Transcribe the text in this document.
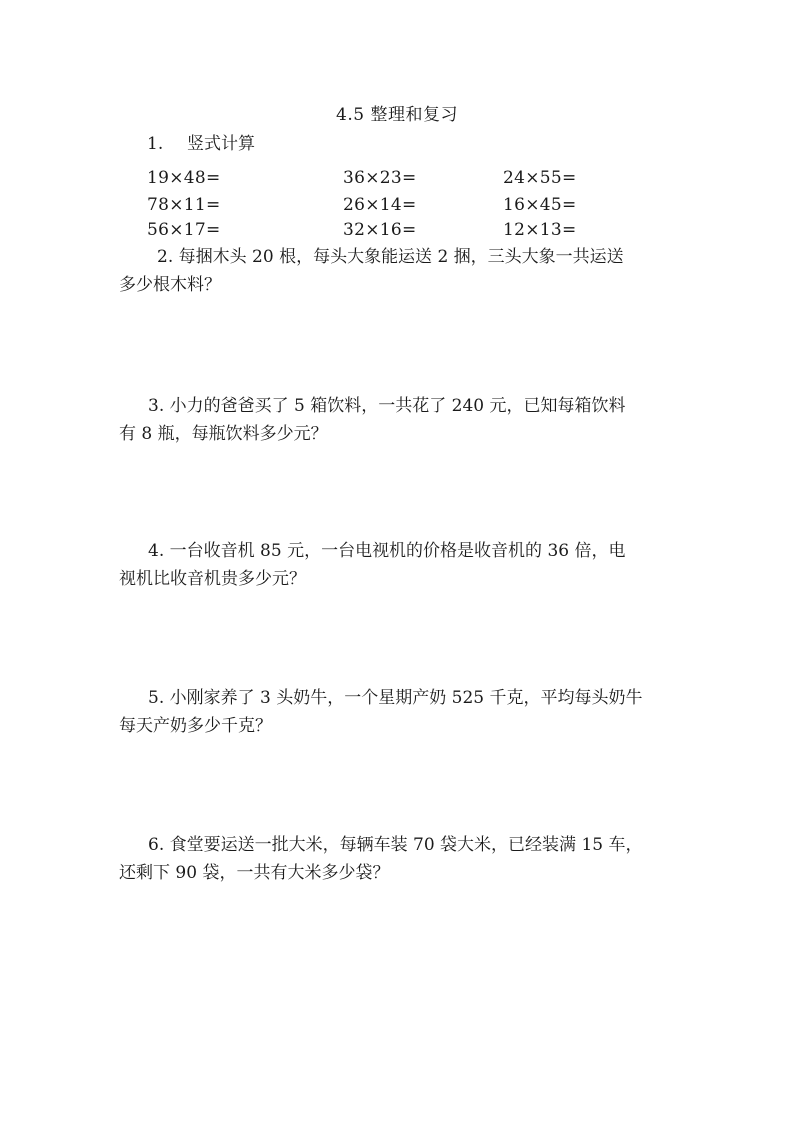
4.5 整理和复习
1. 竖式计算
19×48=	36×23=	24×55=
78×11=	26×14=	16×45=
56×17=	32×16=	12×13=
2. 每捆木头 20 根，每头大象能运送 2 捆，三头大象一共运送
多少根木料？
3. 小力的爸爸买了 5 箱饮料，一共花了 240 元，已知每箱饮料
有 8 瓶，每瓶饮料多少元？
4. 一台收音机 85 元，一台电视机的价格是收音机的 36 倍，电
视机比收音机贵多少元？
5. 小刚家养了 3 头奶牛，一个星期产奶 525 千克，平均每头奶牛
每天产奶多少千克？
6. 食堂要运送一批大米，每辆车装 70 袋大米，已经装满 15 车，
还剩下 90 袋，一共有大米多少袋？
